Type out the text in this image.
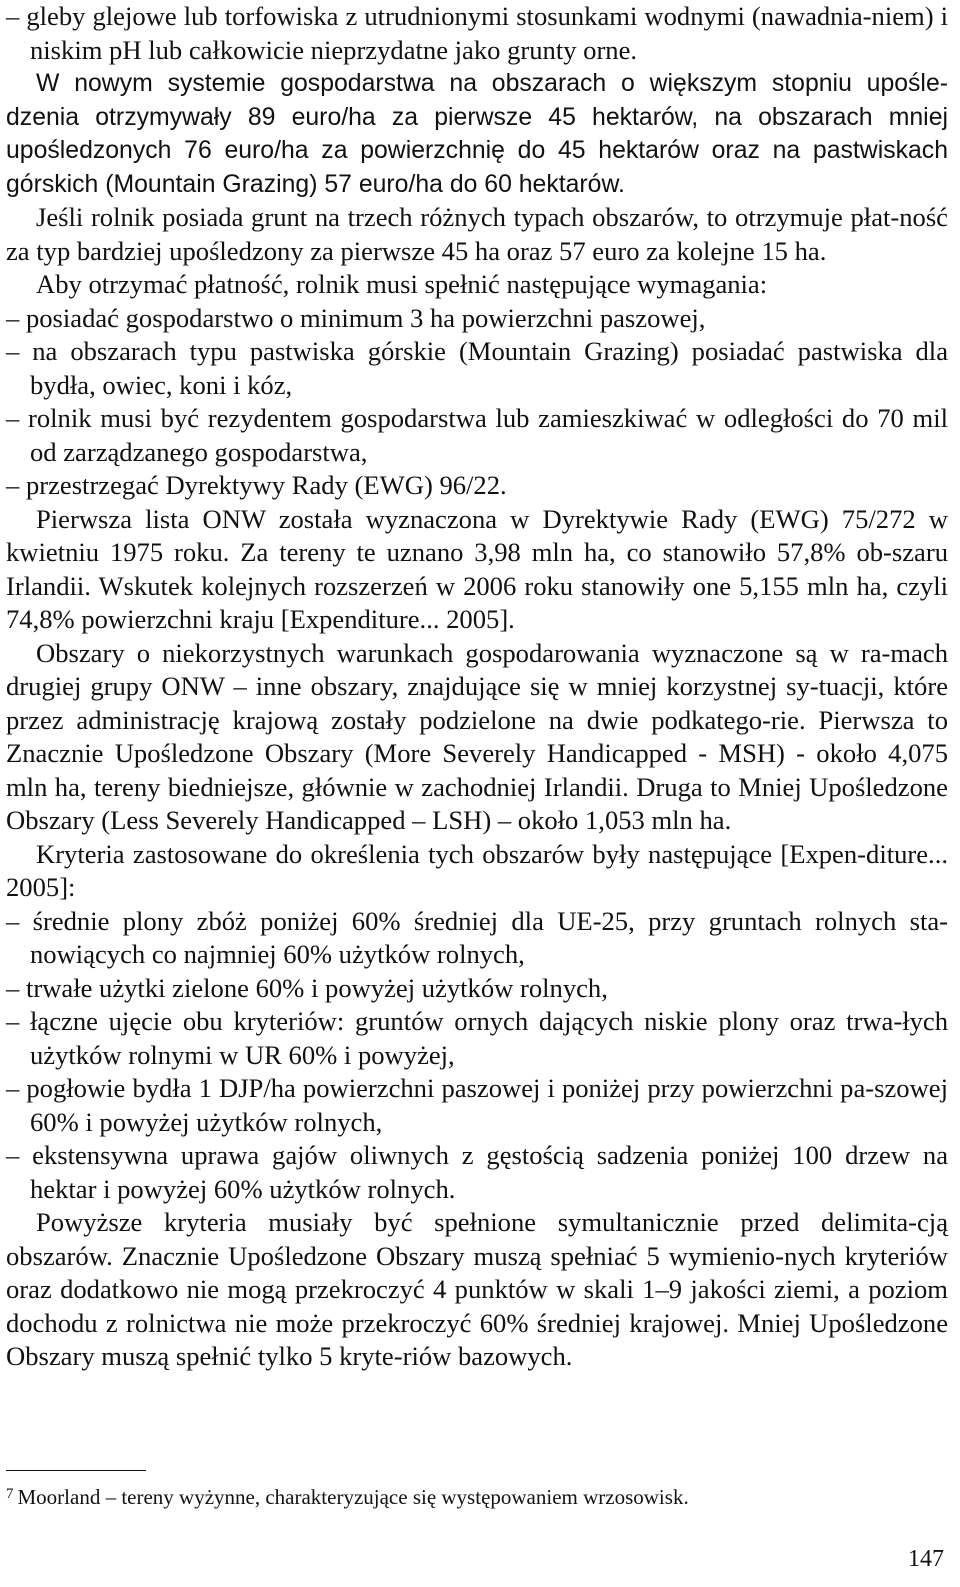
– gleby glejowe lub torfowiska z utrudnionymi stosunkami wodnymi (nawadnia-niem) i niskim pH lub całkowicie nieprzydatne jako grunty orne.

W nowym systemie gospodarstwa na obszarach o większym stopniu upośle-dzenia otrzymywały 89 euro/ha za pierwsze 45 hektarów, na obszarach mniej upośledzonych 76 euro/ha za powierzchnię do 45 hektarów oraz na pastwiskach górskich (Mountain Grazing) 57 euro/ha do 60 hektarów.

Jeśli rolnik posiada grunt na trzech różnych typach obszarów, to otrzymuje płat-ność za typ bardziej upośledzony za pierwsze 45 ha oraz 57 euro za kolejne 15 ha.

Aby otrzymać płatność, rolnik musi spełnić następujące wymagania:

– posiadać gospodarstwo o minimum 3 ha powierzchni paszowej,

– na obszarach typu pastwiska górskie (Mountain Grazing) posiadać pastwiska dla bydła, owiec, koni i kóz,

– rolnik musi być rezydentem gospodarstwa lub zamieszkiwać w odległości do 70 mil od zarządzanego gospodarstwa,

– przestrzegać Dyrektywy Rady (EWG) 96/22.

Pierwsza lista ONW została wyznaczona w Dyrektywie Rady (EWG) 75/272 w kwietniu 1975 roku. Za tereny te uznano 3,98 mln ha, co stanowiło 57,8% ob-szaru Irlandii. Wskutek kolejnych rozszerzeń w 2006 roku stanowiły one 5,155 mln ha, czyli 74,8% powierzchni kraju [Expenditure... 2005].

Obszary o niekorzystnych warunkach gospodarowania wyznaczone są w ra-mach drugiej grupy ONW – inne obszary, znajdujące się w mniej korzystnej sy-tuacji, które przez administrację krajową zostały podzielone na dwie podkatego-rie. Pierwsza to Znacznie Upośledzone Obszary (More Severely Handicapped - MSH) - około 4,075 mln ha, tereny biedniejsze, głównie w zachodniej Irlandii. Druga to Mniej Upośledzone Obszary (Less Severely Handicapped – LSH) – około 1,053 mln ha.

Kryteria zastosowane do określenia tych obszarów były następujące [Expen-diture... 2005]:

– średnie plony zbóż poniżej 60% średniej dla UE-25, przy gruntach rolnych sta-nowiących co najmniej 60% użytków rolnych,

– trwałe użytki zielone 60% i powyżej użytków rolnych,

– łączne ujęcie obu kryteriów: gruntów ornych dających niskie plony oraz trwa-łych użytków rolnymi w UR 60% i powyżej,

– pogłowie bydła 1 DJP/ha powierzchni paszowej i poniżej przy powierzchni pa-szowej 60% i powyżej użytków rolnych,

– ekstensywna uprawa gajów oliwnych z gęstością sadzenia poniżej 100 drzew na hektar i powyżej 60% użytków rolnych.

Powyższe kryteria musiały być spełnione symultanicznie przed delimita-cją obszarów. Znacznie Upośledzone Obszary muszą spełniać 5 wymienio-nych kryteriów oraz dodatkowo nie mogą przekroczyć 4 punktów w skali 1–9 jakości ziemi, a poziom dochodu z rolnictwa nie może przekroczyć 60% średniej krajowej. Mniej Upośledzone Obszary muszą spełnić tylko 5 kryte-riów bazowych.

$^7$ Moorland – tereny wyżynne, charakteryzujące się występowaniem wrzosowisk.
147
